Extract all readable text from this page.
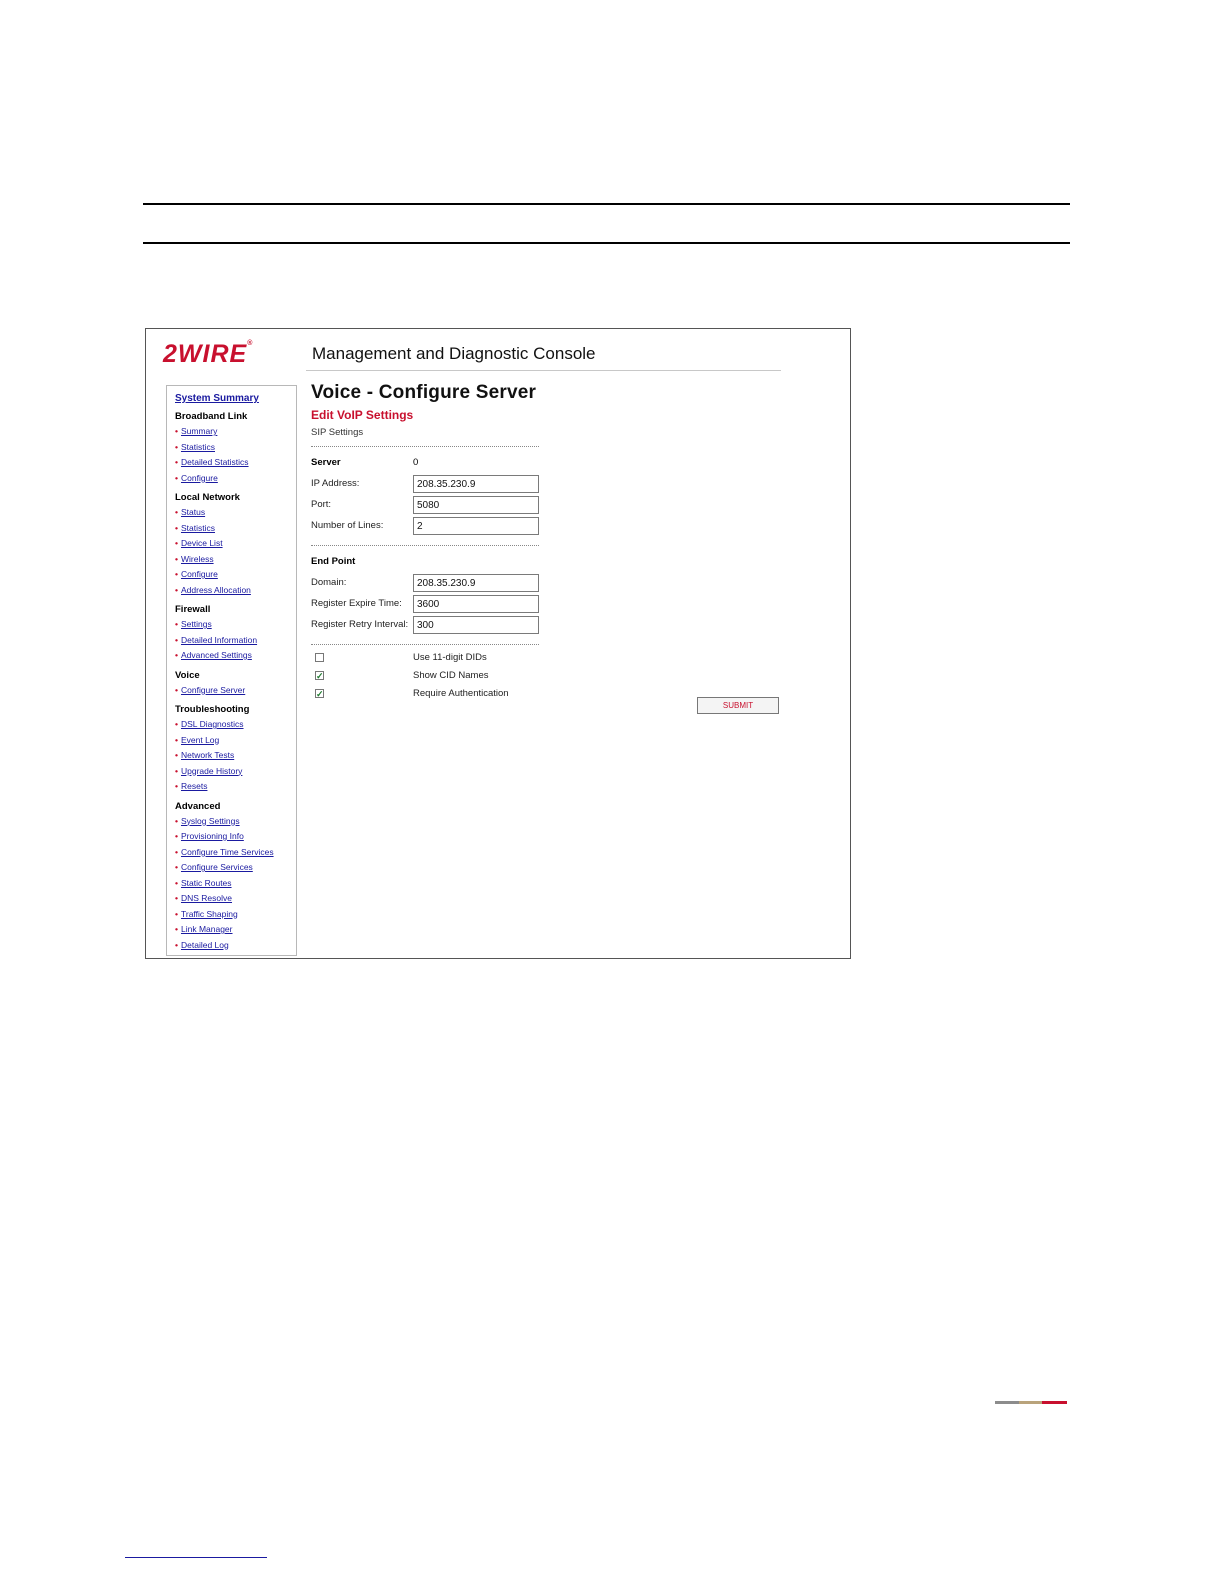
2WIRE®
Management and Diagnostic Console
System Summary
Broadband Link
• Summary
• Statistics
• Detailed Statistics
• Configure
Local Network
• Status
• Statistics
• Device List
• Wireless
• Configure
• Address Allocation
Firewall
• Settings
• Detailed Information
• Advanced Settings
Voice
• Configure Server
Troubleshooting
• DSL Diagnostics
• Event Log
• Network Tests
• Upgrade History
• Resets
Advanced
• Syslog Settings
• Provisioning Info
• Configure Time Services
• Configure Services
• Static Routes
• DNS Resolve
• Traffic Shaping
• Link Manager
• Detailed Log
Voice - Configure Server
Edit VoIP Settings
SIP Settings
Server	0
IP Address:
208.35.230.9
Port:
5080
Number of Lines:
2
End Point
Domain:
208.35.230.9
Register Expire Time:
3600
Register Retry Interval:
300
Use 11-digit DIDs
✓	Show CID Names
✓	Require Authentication
SUBMIT
